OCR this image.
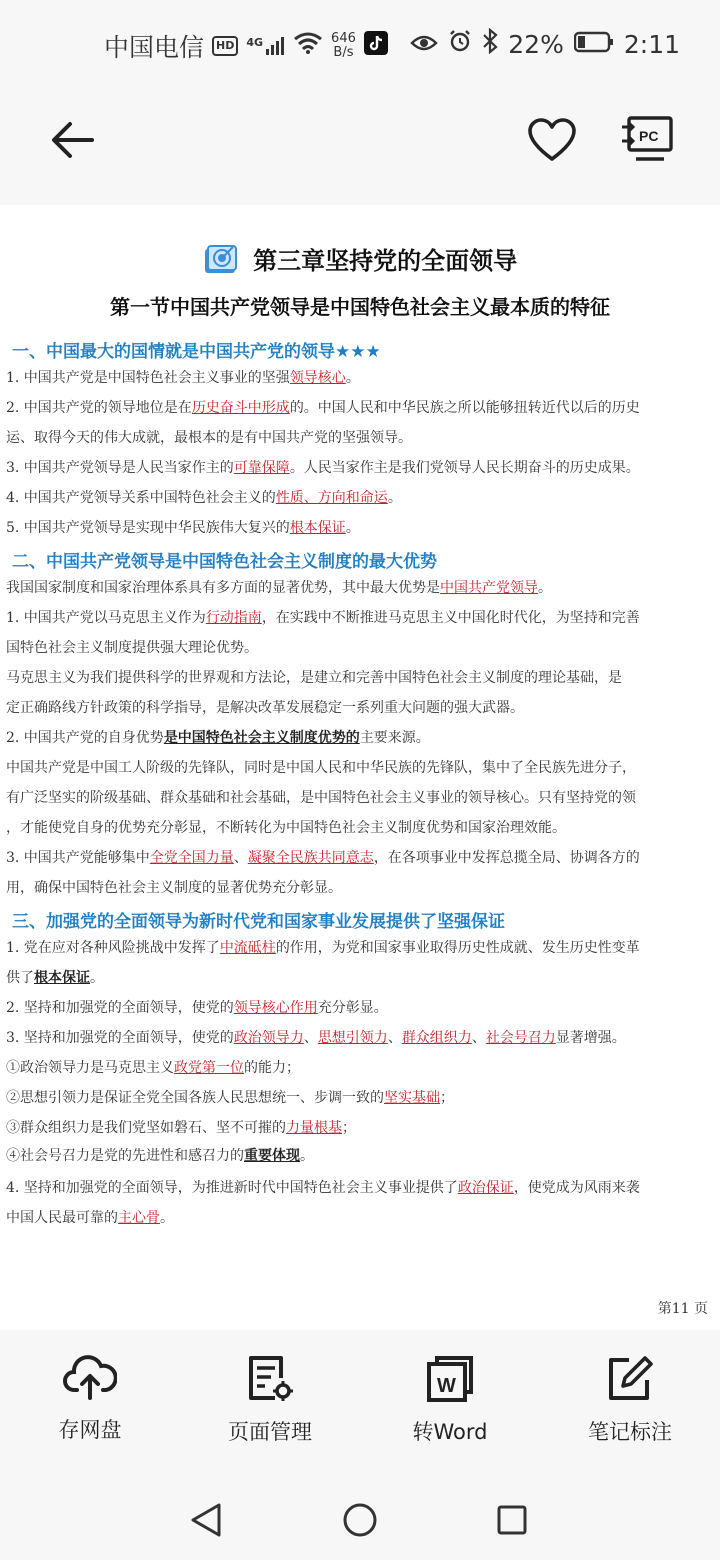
中国电信	HD	4G	646
B/s	22% 2:11
PC
第三章坚持党的全面领导
第一节中国共产党领导是中国特色社会主义最本质的特征
一、中国最大的国情就是中国共产党的领导★★★
1. 中国共产党是中国特色社会主义事业的坚强领导核心。
2. 中国共产党的领导地位是在历史奋斗中形成的。中国人民和中华民族之所以能够扭转近代以后的历史
运、取得今天的伟大成就，最根本的是有中国共产党的坚强领导。
3. 中国共产党领导是人民当家作主的可靠保障。人民当家作主是我们党领导人民长期奋斗的历史成果。
4. 中国共产党领导关系中国特色社会主义的性质、方向和命运。
5. 中国共产党领导是实现中华民族伟大复兴的根本保证。
二、中国共产党领导是中国特色社会主义制度的最大优势
我国国家制度和国家治理体系具有多方面的显著优势，其中最大优势是中国共产党领导。
1. 中国共产党以马克思主义作为行动指南，在实践中不断推进马克思主义中国化时代化，为坚持和完善
国特色社会主义制度提供强大理论优势。
马克思主义为我们提供科学的世界观和方法论，是建立和完善中国特色社会主义制度的理论基础，是
定正确路线方针政策的科学指导，是解决改革发展稳定一系列重大问题的强大武器。
2. 中国共产党的自身优势是中国特色社会主义制度优势的主要来源。
中国共产党是中国工人阶级的先锋队，同时是中国人民和中华民族的先锋队，集中了全民族先进分子，
有广泛坚实的阶级基础、群众基础和社会基础，是中国特色社会主义事业的领导核心。只有坚持党的领
，才能使党自身的优势充分彰显，不断转化为中国特色社会主义制度优势和国家治理效能。
3. 中国共产党能够集中全党全国力量、凝聚全民族共同意志，在各项事业中发挥总揽全局、协调各方的
用，确保中国特色社会主义制度的显著优势充分彰显。
三、加强党的全面领导为新时代党和国家事业发展提供了坚强保证
1. 党在应对各种风险挑战中发挥了中流砥柱的作用，为党和国家事业取得历史性成就、发生历史性变革
供了根本保证。
2. 坚持和加强党的全面领导，使党的领导核心作用充分彰显。
3. 坚持和加强党的全面领导，使党的政治领导力、思想引领力、群众组织力、社会号召力显著增强。
①政治领导力是马克思主义政党第一位的能力；
②思想引领力是保证全党全国各族人民思想统一、步调一致的坚实基础；
③群众组织力是我们党坚如磐石、坚不可摧的力量根基；
④社会号召力是党的先进性和感召力的重要体现。
4. 坚持和加强党的全面领导，为推进新时代中国特色社会主义事业提供了政治保证，使党成为风雨来袭
中国人民最可靠的主心骨。
第11 页
存网盘	页面管理
W
转Word	笔记标注
